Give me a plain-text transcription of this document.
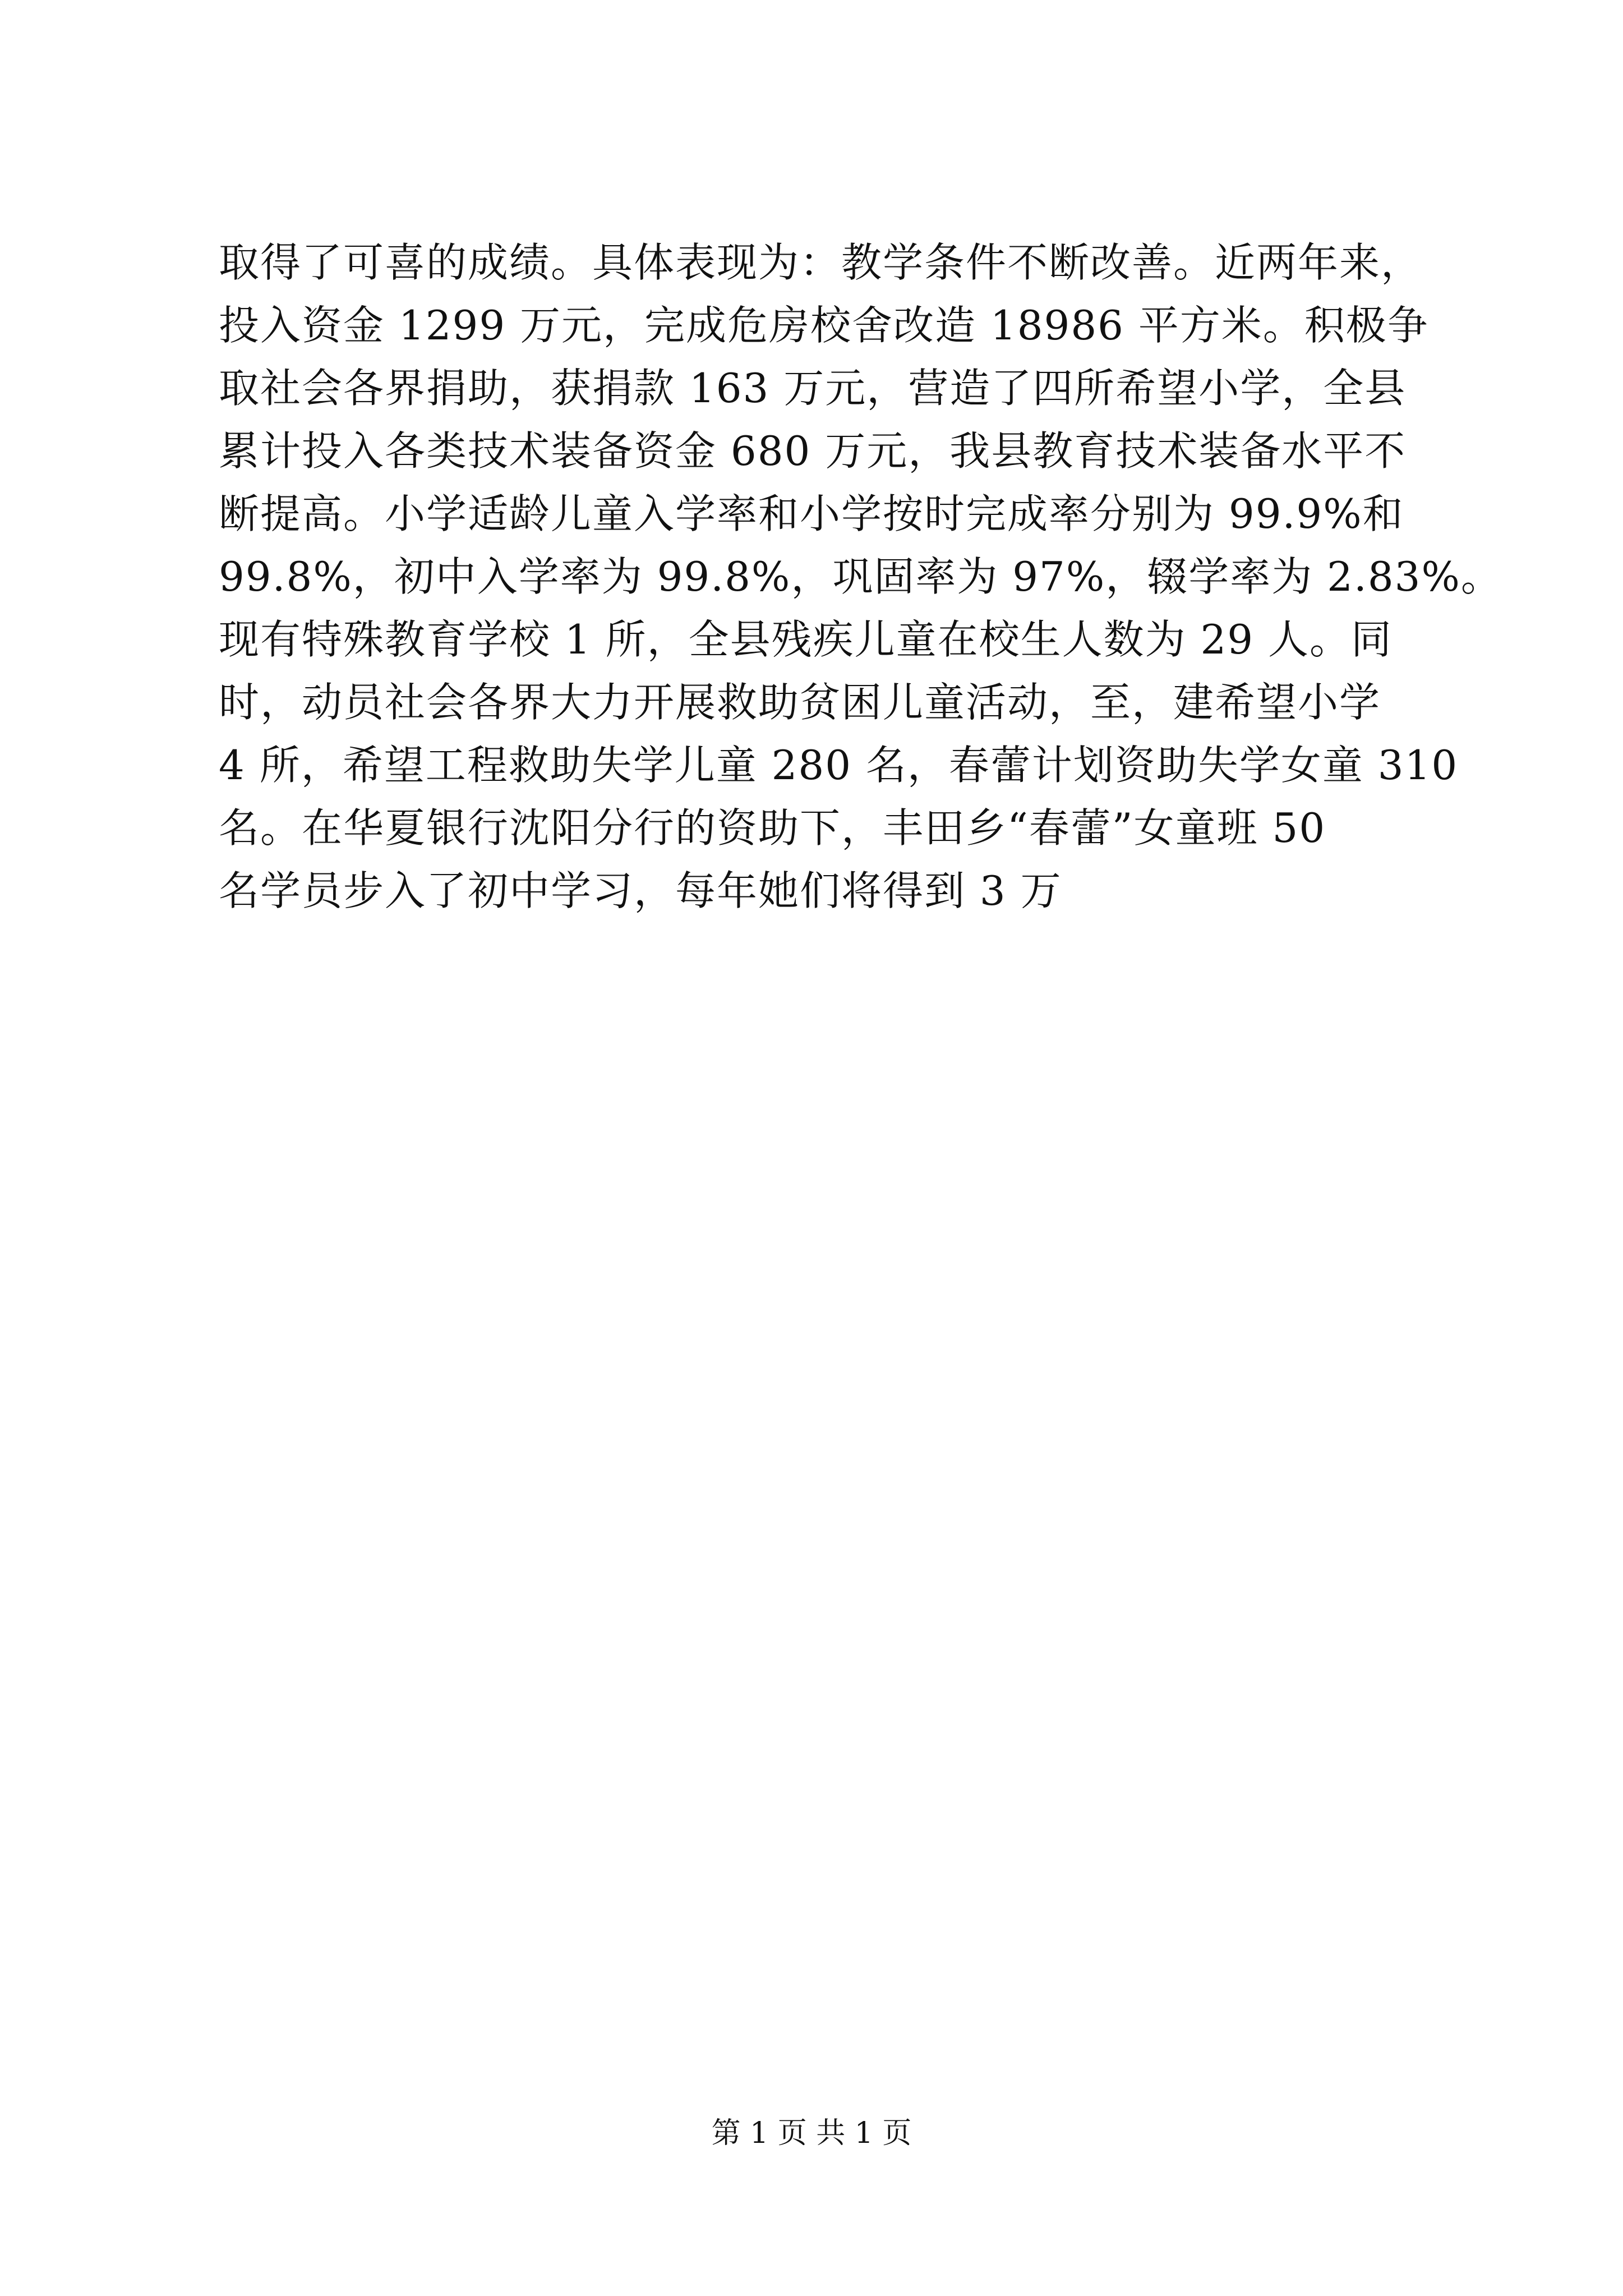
取得了可喜的成绩。具体表现为：教学条件不断改善。近两年来，
投入资金 1299 万元，完成危房校舍改造 18986 平方米。积极争
取社会各界捐助，获捐款 163 万元，营造了四所希望小学，全县
累计投入各类技术装备资金 680 万元，我县教育技术装备水平不
断提高。小学适龄儿童入学率和小学按时完成率分别为 99.9%和
99.8%，初中入学率为 99.8%，巩固率为 97%，辍学率为 2.83%。
现有特殊教育学校 1 所，全县残疾儿童在校生人数为 29 人。同
时，动员社会各界大力开展救助贫困儿童活动，至，建希望小学
4 所，希望工程救助失学儿童 280 名，春蕾计划资助失学女童 310
名。在华夏银行沈阳分行的资助下，丰田乡“春蕾”女童班 50
名学员步入了初中学习，每年她们将得到 3 万
第 1 页 共 1 页
